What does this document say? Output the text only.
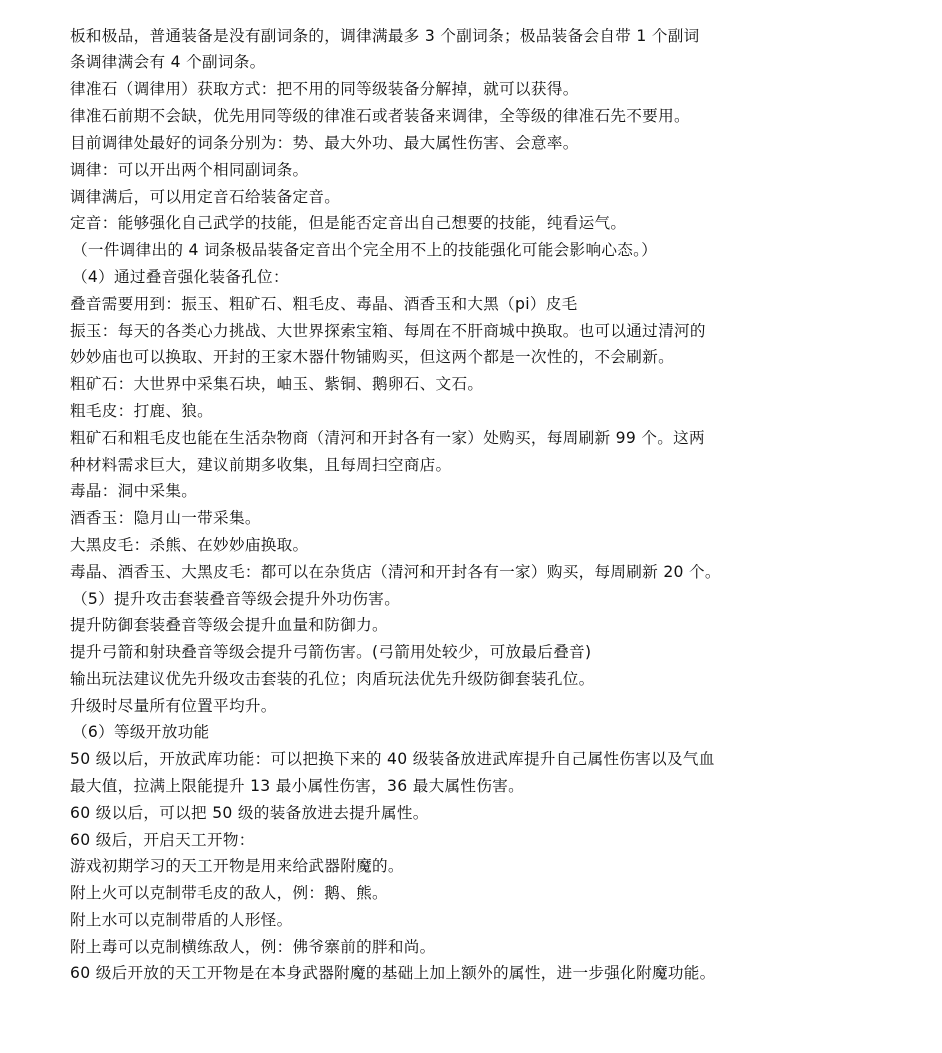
板和极品，普通装备是没有副词条的，调律满最多 3 个副词条；极品装备会自带 1 个副词
条调律满会有 4 个副词条。
律准石（调律用）获取方式：把不用的同等级装备分解掉，就可以获得。
律准石前期不会缺，优先用同等级的律准石或者装备来调律，全等级的律准石先不要用。
目前调律处最好的词条分别为：势、最大外功、最大属性伤害、会意率。
调律：可以开出两个相同副词条。
调律满后，可以用定音石给装备定音。
定音：能够强化自己武学的技能，但是能否定音出自己想要的技能，纯看运气。
（一件调律出的 4 词条极品装备定音出个完全用不上的技能强化可能会影响心态。）
（4）通过叠音强化装备孔位：
叠音需要用到：振玉、粗矿石、粗毛皮、毒晶、酒香玉和大黑（pi）皮毛
振玉：每天的各类心力挑战、大世界探索宝箱、每周在不肝商城中换取。也可以通过清河的
妙妙庙也可以换取、开封的王家木器什物铺购买，但这两个都是一次性的，不会刷新。
粗矿石：大世界中采集石块，岫玉、紫铜、鹅卵石、文石。
粗毛皮：打鹿、狼。
粗矿石和粗毛皮也能在生活杂物商（清河和开封各有一家）处购买，每周刷新 99 个。这两
种材料需求巨大，建议前期多收集，且每周扫空商店。
毒晶：洞中采集。
酒香玉：隐月山一带采集。
大黑皮毛：杀熊、在妙妙庙换取。
毒晶、酒香玉、大黑皮毛：都可以在杂货店（清河和开封各有一家）购买，每周刷新 20 个。
（5）提升攻击套装叠音等级会提升外功伤害。
提升防御套装叠音等级会提升血量和防御力。
提升弓箭和射玦叠音等级会提升弓箭伤害。(弓箭用处较少，可放最后叠音)
输出玩法建议优先升级攻击套装的孔位；肉盾玩法优先升级防御套装孔位。
升级时尽量所有位置平均升。
（6）等级开放功能
50 级以后，开放武库功能：可以把换下来的 40 级装备放进武库提升自己属性伤害以及气血
最大值，拉满上限能提升 13 最小属性伤害，36 最大属性伤害。
60 级以后，可以把 50 级的装备放进去提升属性。
60 级后，开启天工开物：
游戏初期学习的天工开物是用来给武器附魔的。
附上火可以克制带毛皮的敌人，例：鹅、熊。
附上水可以克制带盾的人形怪。
附上毒可以克制横练敌人，例：佛爷寨前的胖和尚。
60 级后开放的天工开物是在本身武器附魔的基础上加上额外的属性，进一步强化附魔功能。
